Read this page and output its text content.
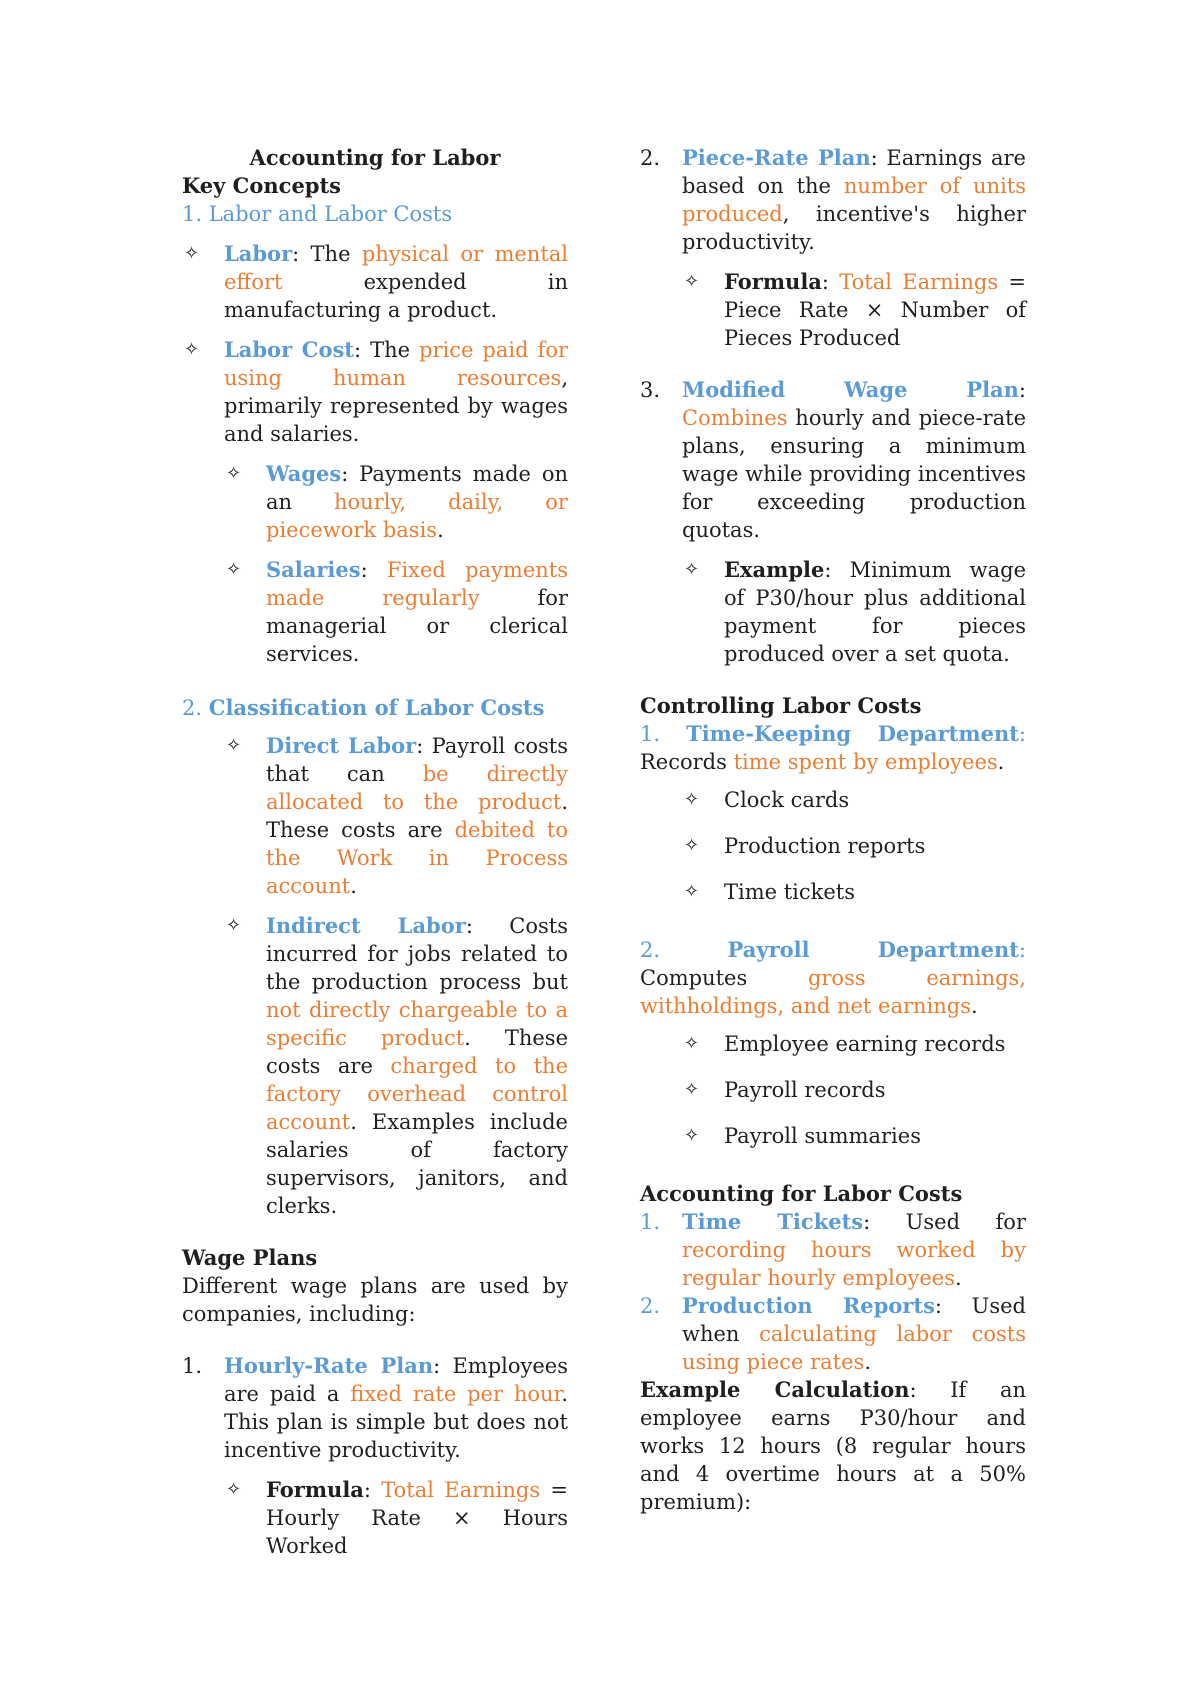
Accounting for Labor
Key Concepts
1. Labor and Labor Costs
✧ Labor: The physical or mental effort expended in manufacturing a product.
✧ Labor Cost: The price paid for using human resources, primarily represented by wages and salaries.
✧ Wages: Payments made on an hourly, daily, or piecework basis.
✧ Salaries: Fixed payments made regularly for managerial or clerical services.
2. Classification of Labor Costs
✧ Direct Labor: Payroll costs that can be directly allocated to the product. These costs are debited to the Work in Process account.
✧ Indirect Labor: Costs incurred for jobs related to the production process but not directly chargeable to a specific product. These costs are charged to the factory overhead control account. Examples include salaries of factory supervisors, janitors, and clerks.
Wage Plans
Different wage plans are used by companies, including:
1. Hourly-Rate Plan: Employees are paid a fixed rate per hour. This plan is simple but does not incentive productivity.
✧ Formula: Total Earnings = Hourly Rate × Hours Worked
2. Piece-Rate Plan: Earnings are based on the number of units produced, incentive's higher productivity.
✧ Formula: Total Earnings = Piece Rate × Number of Pieces Produced
3. Modified Wage Plan: Combines hourly and piece-rate plans, ensuring a minimum wage while providing incentives for exceeding production quotas.
✧ Example: Minimum wage of P30/hour plus additional payment for pieces produced over a set quota.
Controlling Labor Costs
1. Time-Keeping Department:
Records time spent by employees.
✧ Clock cards
✧ Production reports
✧ Time tickets
2.	Payroll Department:
Computes gross earnings, withholdings, and net earnings.
✧ Employee earning records
✧ Payroll records
✧ Payroll summaries
Accounting for Labor Costs
1. Time Tickets: Used for recording hours worked by regular hourly employees.
2. Production Reports: Used when calculating labor costs using piece rates.
Example Calculation: If an employee earns P30/hour and works 12 hours (8 regular hours and 4 overtime hours at a 50% premium):
